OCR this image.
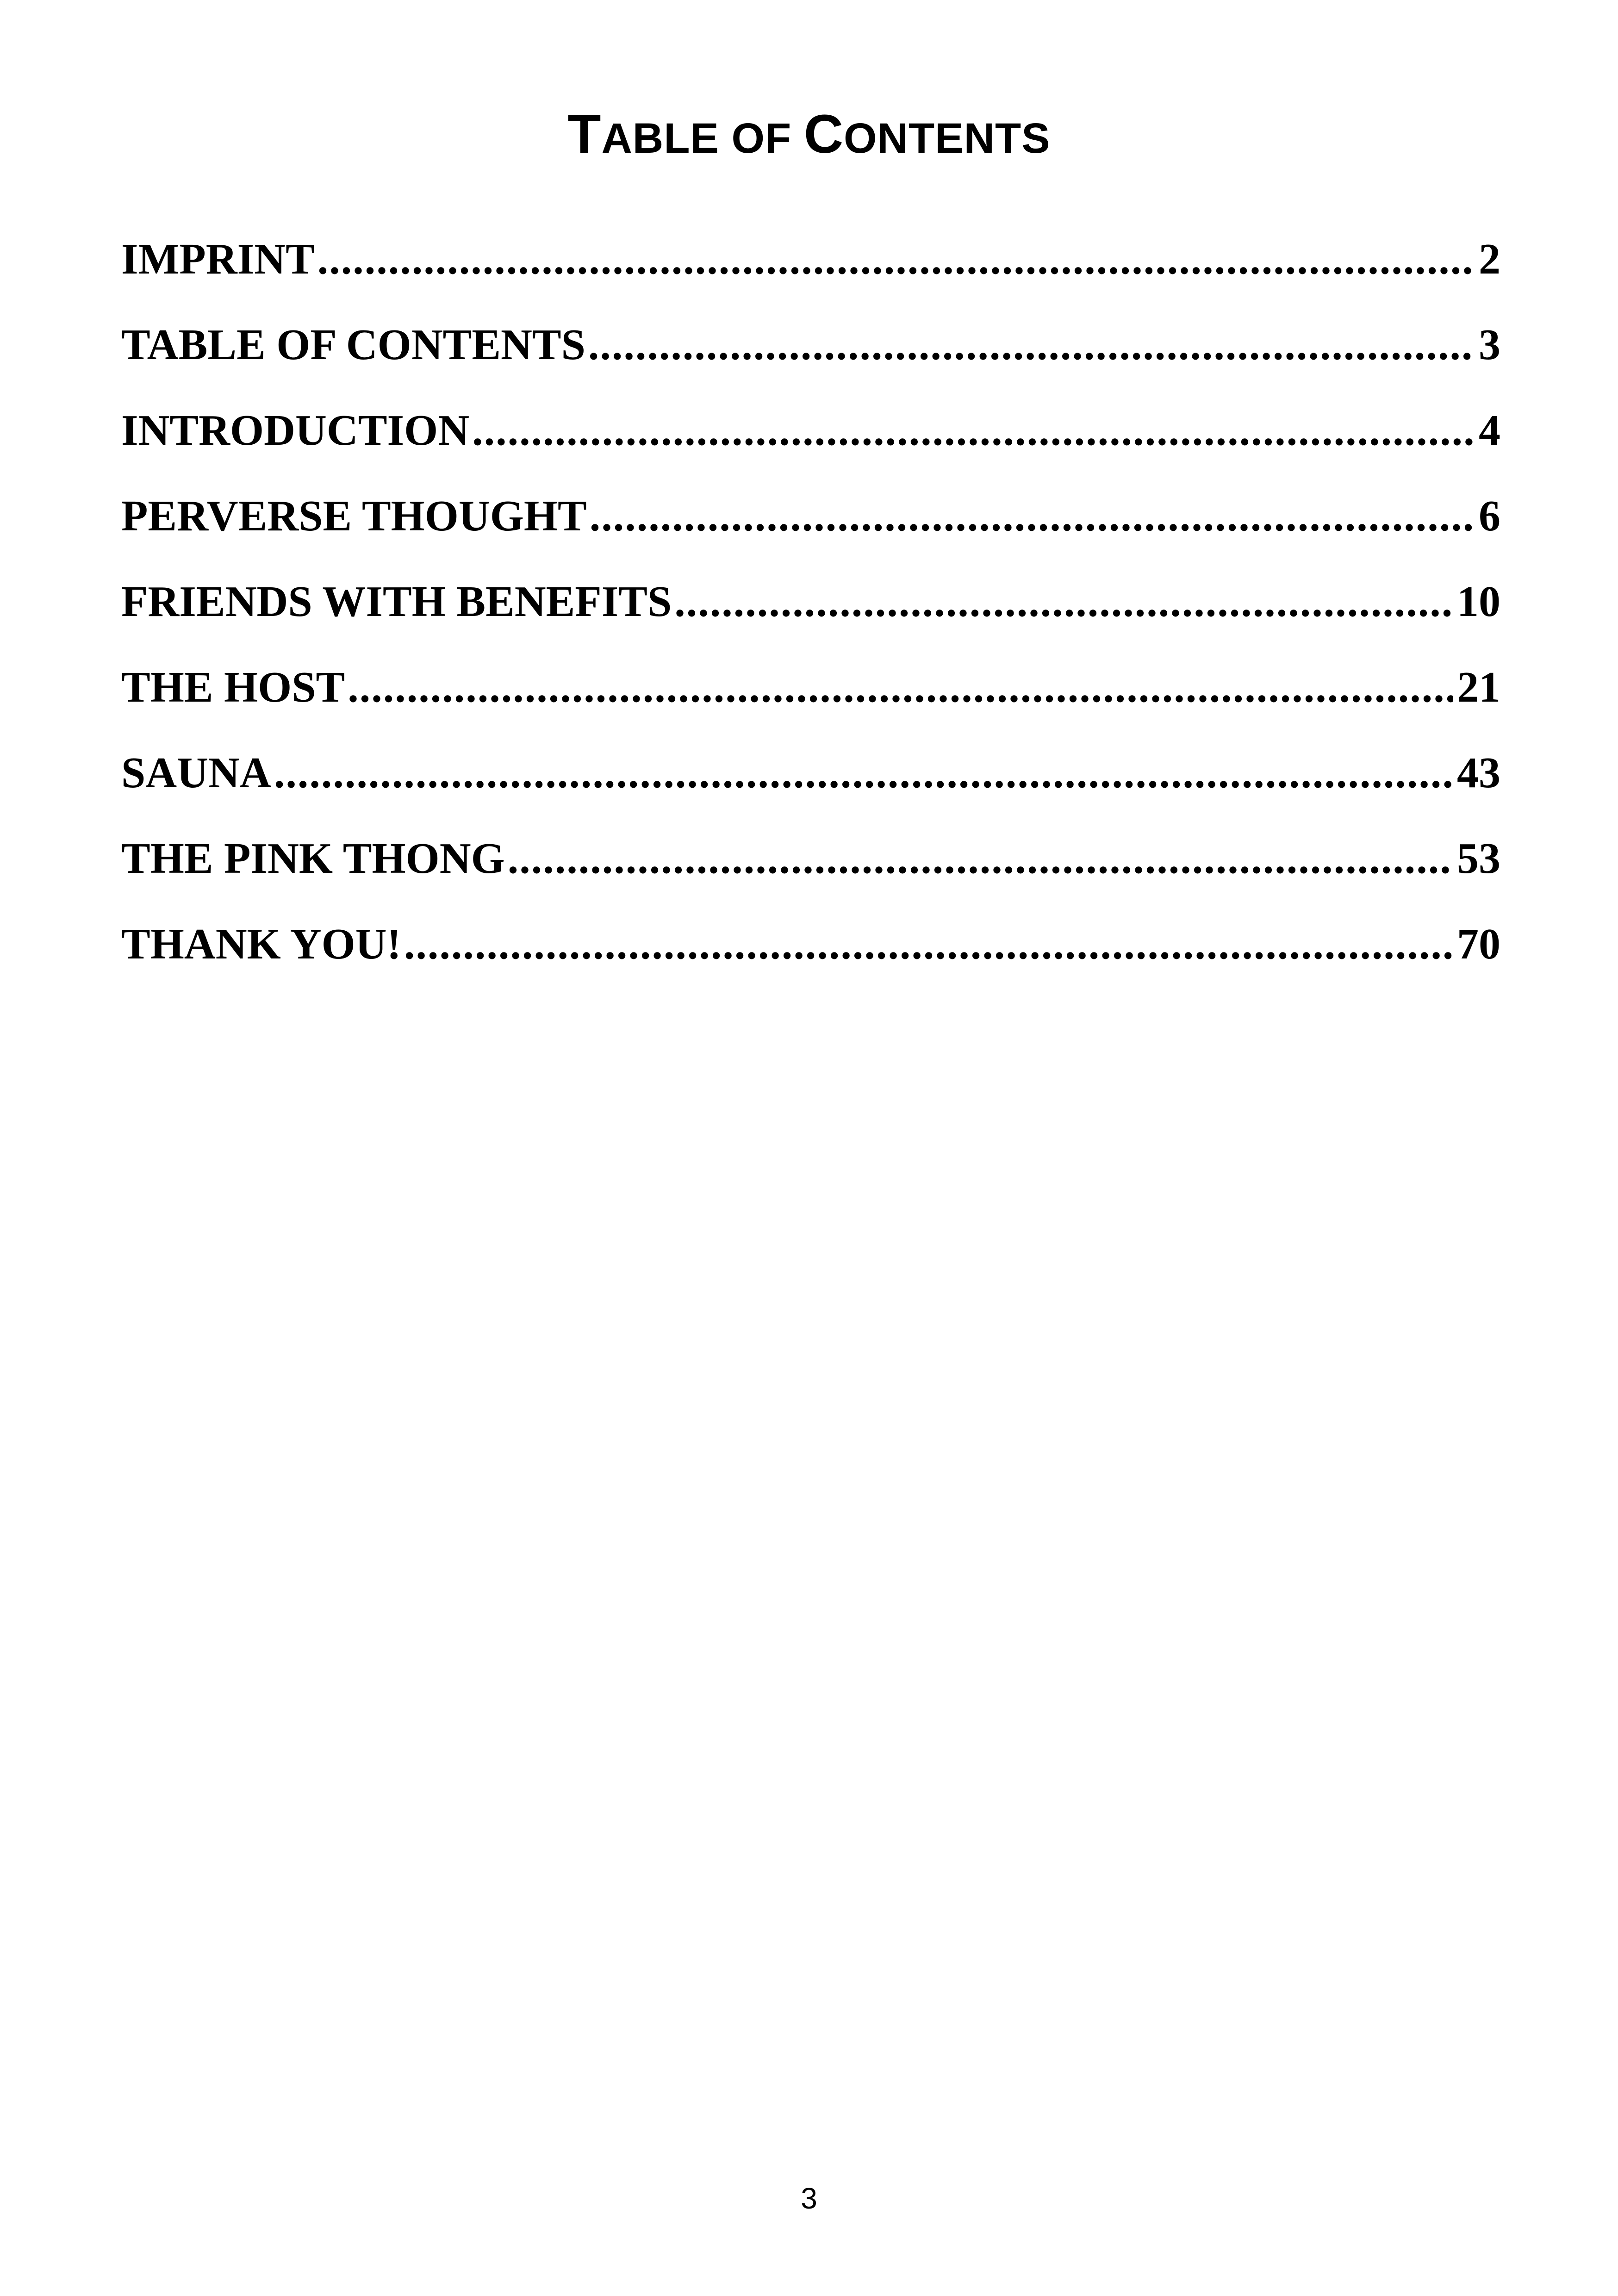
TABLE OF CONTENTS
IMPRINT .....	2
TABLE OF CONTENTS .....	3
INTRODUCTION .....	4
PERVERSE THOUGHT .....	6
FRIENDS WITH BENEFITS .....	10
THE HOST .....	21
SAUNA .....	43
THE PINK THONG .....	53
THANK YOU! .....	70
3
